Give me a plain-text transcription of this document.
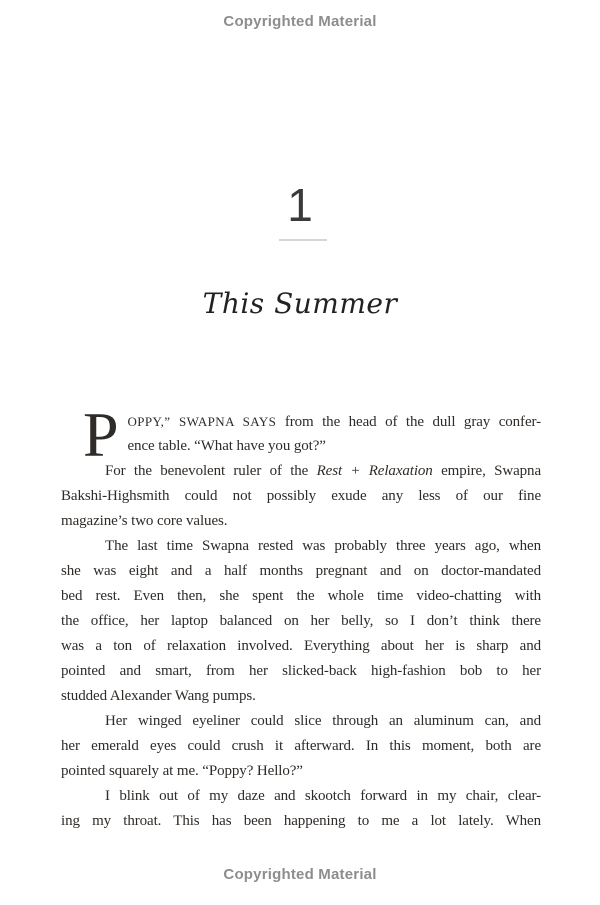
Copyrighted Material
1
This Summer
P OPPY,” SWAPNA SAYS from the head of the dull gray confer-
ence table. “What have you got?”
For the benevolent ruler of the Rest + Relaxation empire, Swapna
Bakshi-Highsmith could not possibly exude any less of our fine
magazine’s two core values.
The last time Swapna rested was probably three years ago, when
she was eight and a half months pregnant and on doctor-mandated
bed rest. Even then, she spent the whole time video-chatting with
the office, her laptop balanced on her belly, so I don’t think there
was a ton of relaxation involved. Everything about her is sharp and
pointed and smart, from her slicked-back high-fashion bob to her
studded Alexander Wang pumps.
Her winged eyeliner could slice through an aluminum can, and
her emerald eyes could crush it afterward. In this moment, both are
pointed squarely at me. “Poppy? Hello?”
I blink out of my daze and skootch forward in my chair, clear-
ing my throat. This has been happening to me a lot lately. When
Copyrighted Material
